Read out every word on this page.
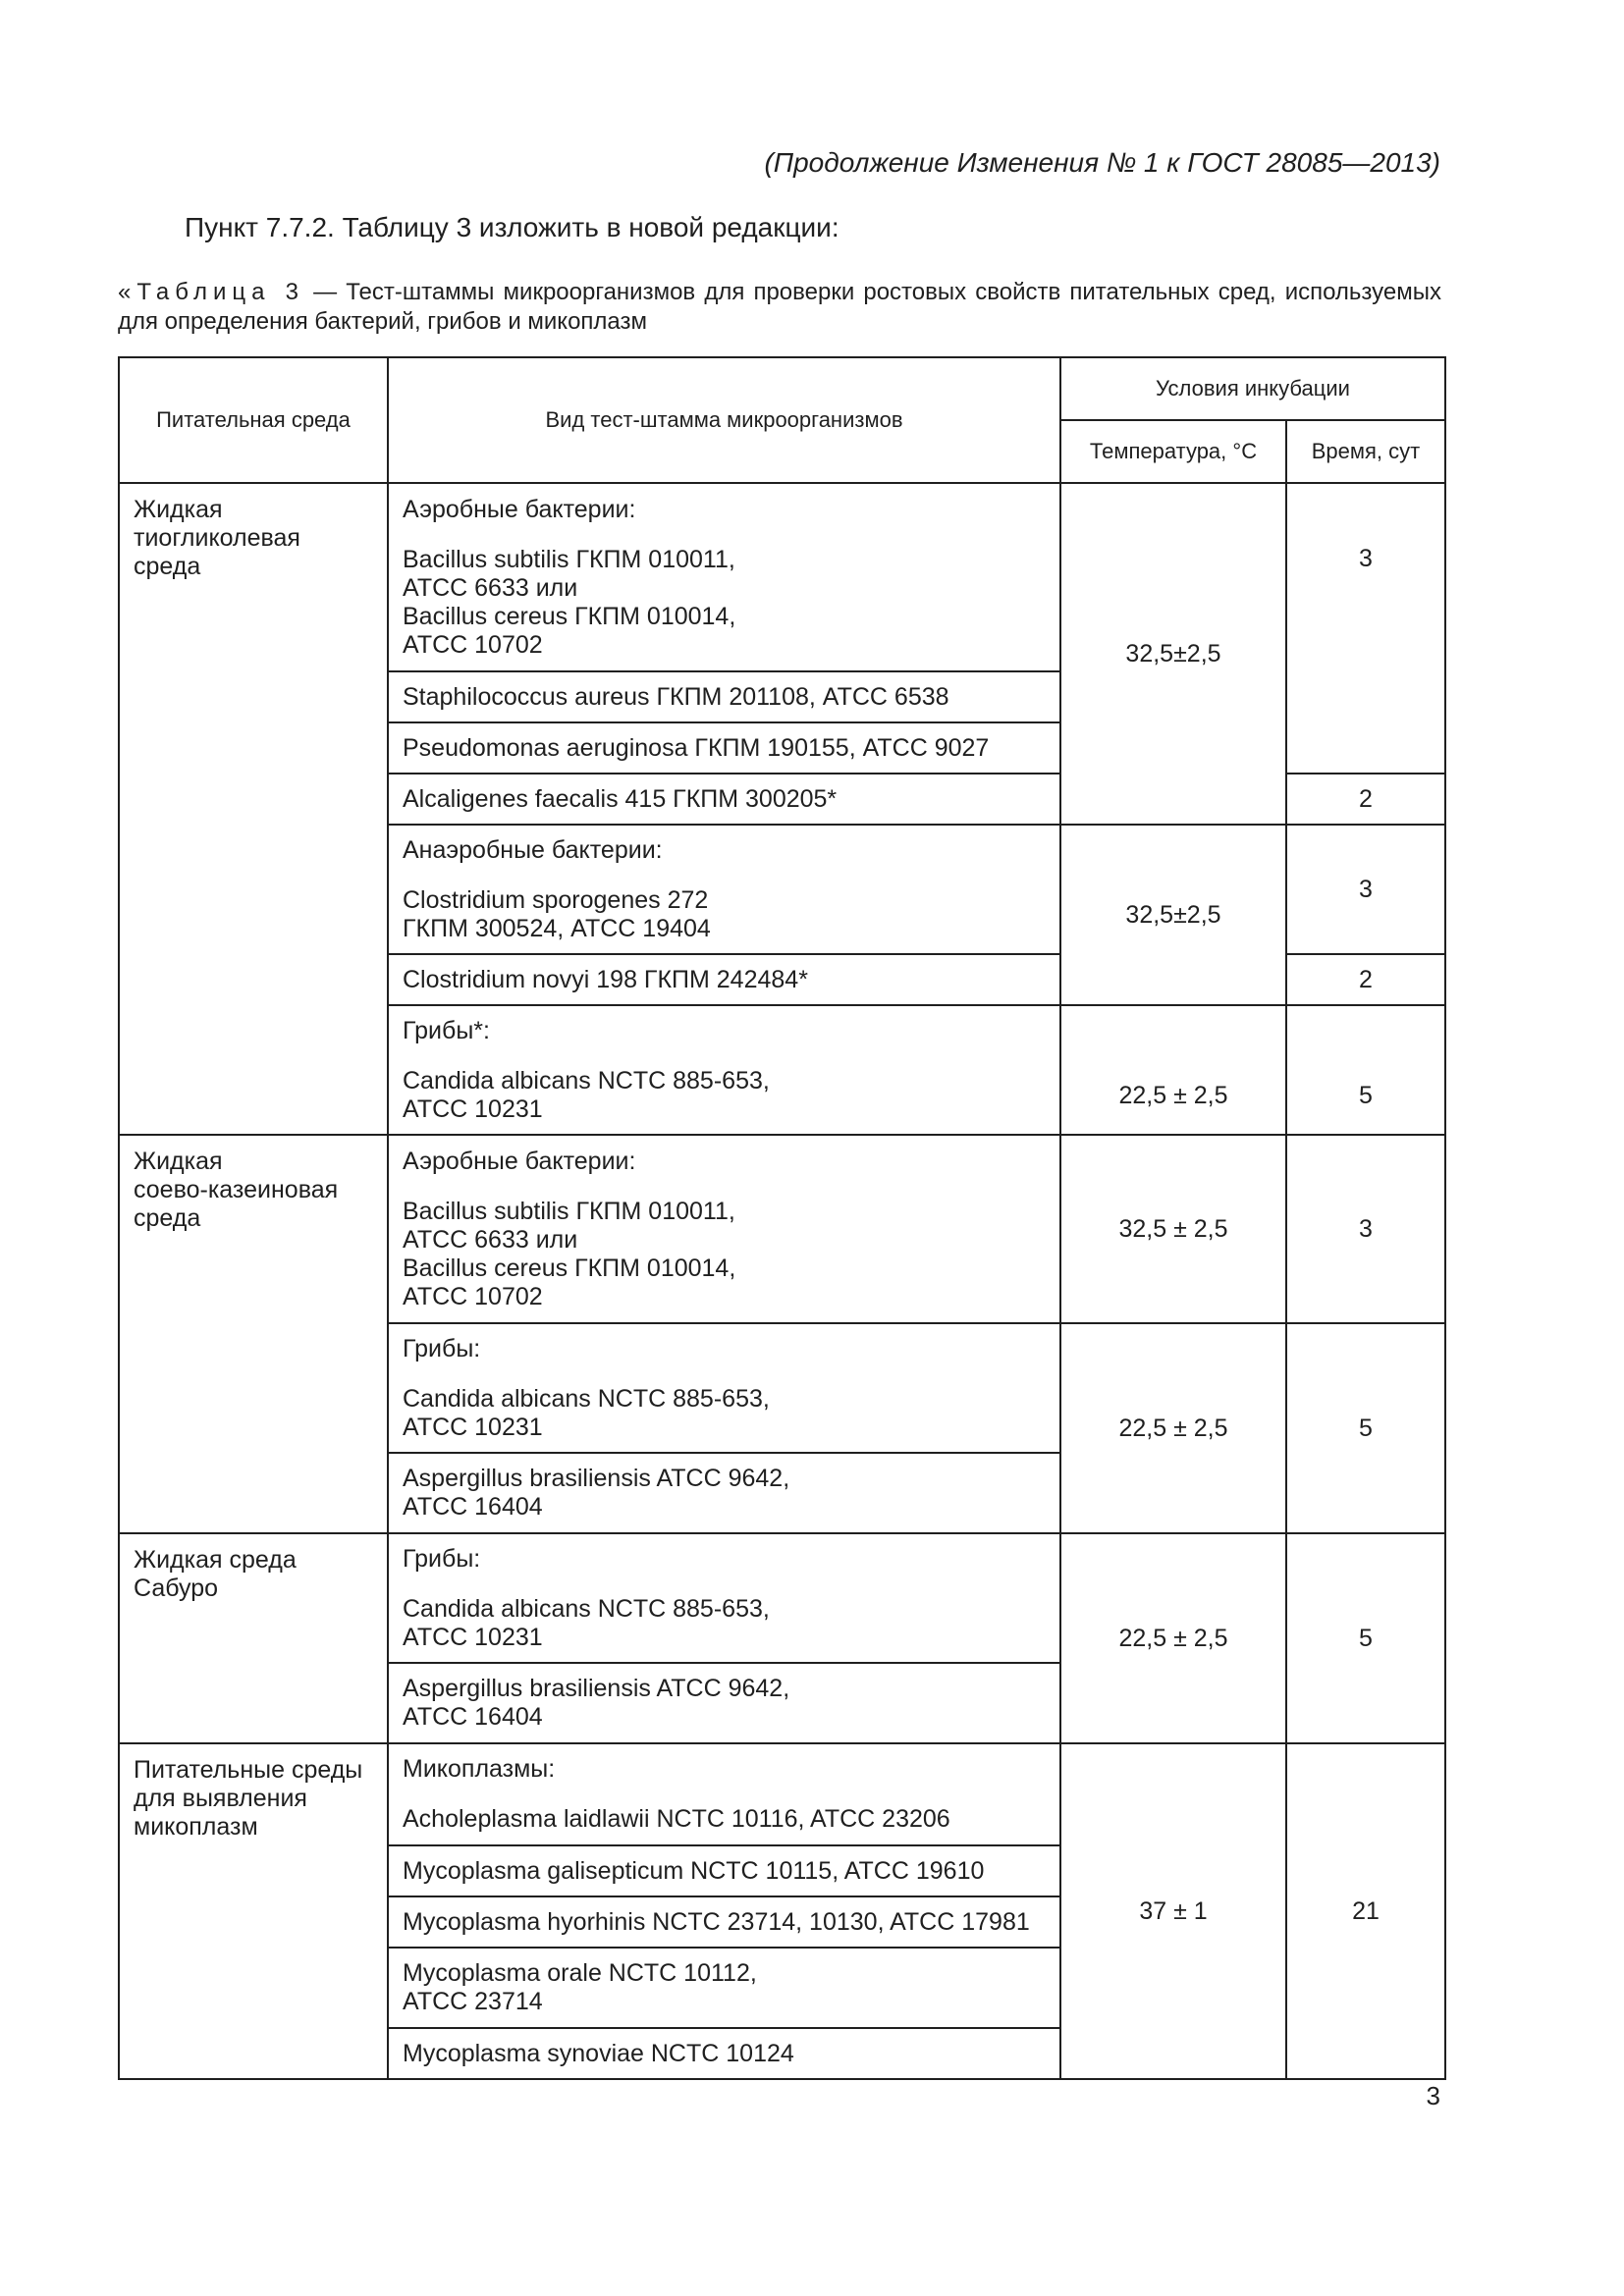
(Продолжение Изменения № 1 к ГОСТ 28085—2013)
Пункт 7.7.2. Таблицу 3 изложить в новой редакции:
«Таблица 3 — Тест-штаммы микроорганизмов для проверки ростовых свойств питательных сред, используемых для определения бактерий, грибов и микоплазм
Питательная среда	Вид тест-штамма микроорганизмов	Условия инкубации	
		Температура, °С	Время, сут

Жидкая
тиогликолевая
среда	Аэробные бактерии:
Bacillus subtilis ГКПМ 010011,
ATCC 6633 или
Bacillus cereus ГКПМ 010014,
ATCC 10702	32,5±2,5	3
	Staphilococcus aureus ГКПМ 201108, ATCC 6538		
	Pseudomonas aeruginosa ГКПМ 190155, ATCC 9027		
	Alcaligenes faecalis 415 ГКПМ 300205*		2

	Анаэробные бактерии:
Clostridium sporogenes 272
ГКПМ 300524, ATCC 19404	32,5±2,5	3
	Clostridium novyi 198 ГКПМ 242484*		2

	Грибы*:
Candida albicans NCTC 885-653,
ATCC 10231	22,5 ± 2,5	5

Жидкая
соево-казеиновая
среда	Аэробные бактерии:
Bacillus subtilis ГКПМ 010011,
ATCC 6633 или
Bacillus cereus ГКПМ 010014,
ATCC 10702	32,5 ± 2,5	3

	Грибы:
Candida albicans NCTC 885-653,
ATCC 10231	22,5 ± 2,5	5

	Aspergillus brasiliensis ATCC 9642,
ATCC 16404		

Жидкая среда
Сабуро	Грибы:
Candida albicans NCTC 885-653,
ATCC 10231	22,5 ± 2,5	5

	Aspergillus brasiliensis ATCC 9642,
ATCC 16404		

Питательные среды
для выявления
микоплазм	Микоплазмы:
Acholeplasma laidlawii NCTC 10116, ATCC 23206	37 ± 1	21
	Mycoplasma galisepticum NCTC 10115, ATCC 19610		
	Mycoplasma hyorhinis NCTC 23714, 10130, ATCC 17981		

	Mycoplasma orale NCTC 10112,
ATCC 23714		

	Mycoplasma synoviae NCTC 10124		
3
